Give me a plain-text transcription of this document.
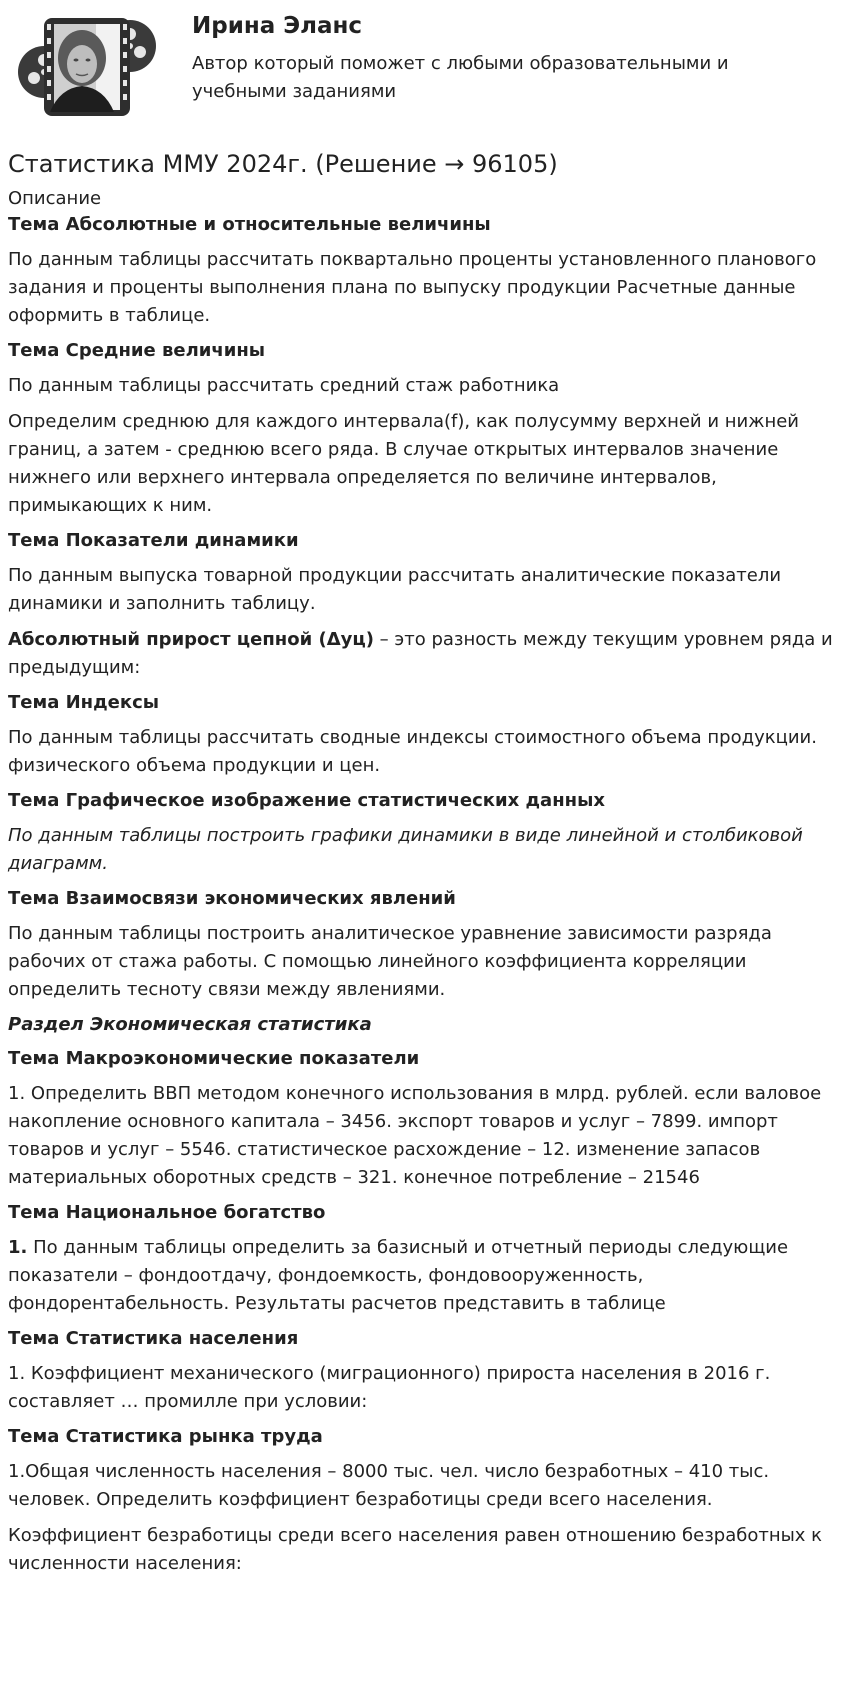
Ирина Эланс

Автор который поможет с любыми образовательными и учебными заданиями

Статистика ММУ 2024г. (Решение → 96105)
Описание
Тема Абсолютные и относительные величины

По данным таблицы рассчитать поквартально проценты установленного планового задания и проценты выполнения плана по выпуску продукции Расчетные данные оформить в таблице.

Тема Средние величины

По данным таблицы рассчитать средний стаж работника

Определим среднюю для каждого интервала(f), как полусумму верхней и нижней границ, а затем - среднюю всего ряда. В случае открытых интервалов значение нижнего или верхнего интервала определяется по величине интервалов, примыкающих к ним.

Тема Показатели динамики

По данным выпуска товарной продукции рассчитать аналитические показатели динамики и заполнить таблицу.

Абсолютный прирост цепной (Δyц) – это разность между текущим уровнем ряда и предыдущим:

Тема Индексы

По данным таблицы рассчитать сводные индексы стоимостного объема продукции. физического объема продукции и цен.

Тема Графическое изображение статистических данных

По данным таблицы построить графики динамики в виде линейной и столбиковой диаграмм.

Тема Взаимосвязи экономических явлений

По данным таблицы построить аналитическое уравнение зависимости разряда рабочих от стажа работы. С помощью линейного коэффициента корреляции определить тесноту связи между явлениями.

Раздел Экономическая статистика
Тема Макроэкономические показатели

1. Определить ВВП методом конечного использования в млрд. рублей. если валовое накопление основного капитала – 3456. экспорт товаров и услуг – 7899. импорт товаров и услуг – 5546. статистическое расхождение – 12. изменение запасов материальных оборотных средств – 321. конечное потребление – 21546

Тема Национальное богатство

1. По данным таблицы определить за базисный и отчетный периоды следующие показатели – фондоотдачу, фондоемкость, фондовооруженность, фондорентабельность. Результаты расчетов представить в таблице

Тема Статистика населения

1. Коэффициент механического (миграционного) прироста населения в 2016 г. составляет … промилле при условии:

Тема Статистика рынка труда

1.Общая численность населения – 8000 тыс. чел. число безработных – 410 тыс. человек. Определить коэффициент безработицы среди всего населения.

Коэффициент безработицы среди всего населения равен отношению безработных к численности населения:
